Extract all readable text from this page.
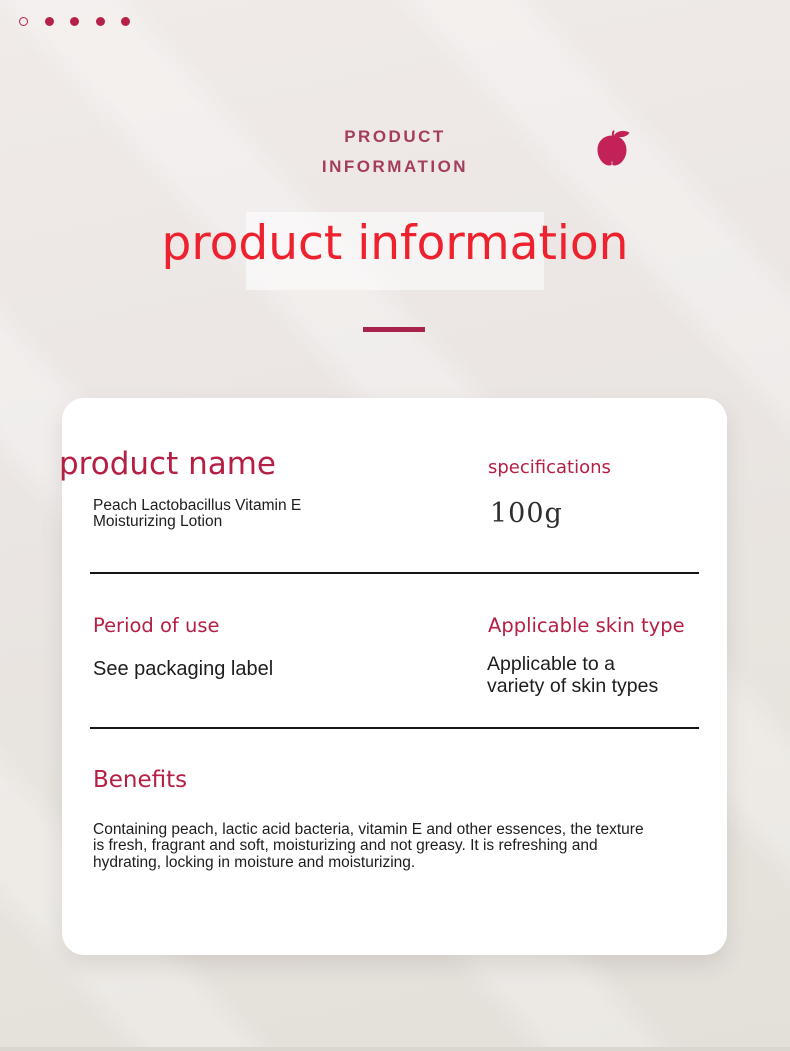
PRODUCT
INFORMATION
product information
product name

Peach Lactobacillus Vitamin E
Moisturizing Lotion

specifications

100g

Period of use

See packaging label

Applicable skin type

Applicable to a
variety of skin types

Benefits

Containing peach, lactic acid bacteria, vitamin E and other essences, the texture is fresh, fragrant and soft, moisturizing and not greasy. It is refreshing and hydrating, locking in moisture and moisturizing.
